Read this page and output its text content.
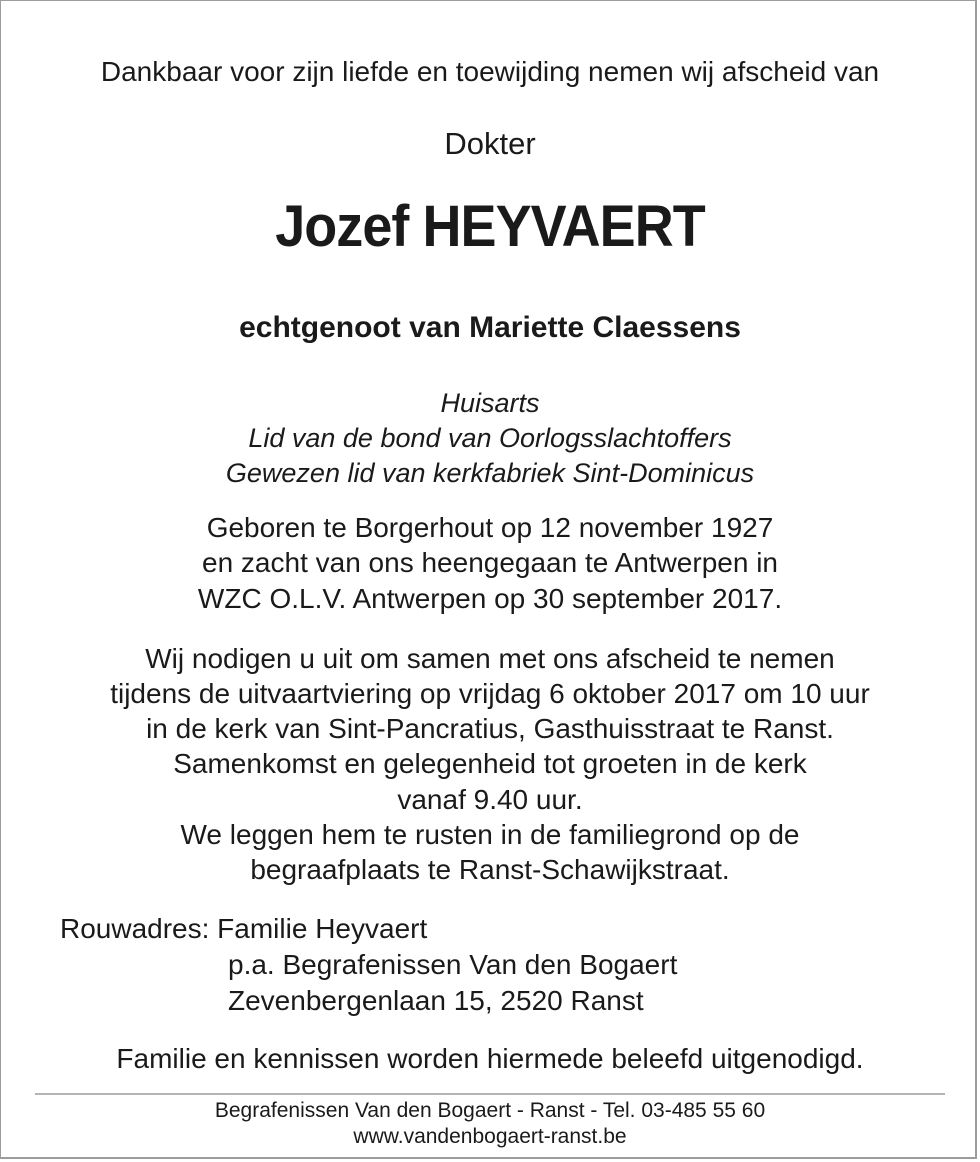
Dankbaar voor zijn liefde en toewijding nemen wij afscheid van
Dokter
Jozef HEYVAERT
echtgenoot van Mariette Claessens
Huisarts
Lid van de bond van Oorlogsslachtoffers
Gewezen lid van kerkfabriek Sint-Dominicus
Geboren te Borgerhout op 12 november 1927
en zacht van ons heengegaan te Antwerpen in
WZC O.L.V. Antwerpen op 30 september 2017.
Wij nodigen u uit om samen met ons afscheid te nemen
tijdens de uitvaartviering op vrijdag 6 oktober 2017 om 10 uur
in de kerk van Sint-Pancratius, Gasthuisstraat te Ranst.
Samenkomst en gelegenheid tot groeten in de kerk
vanaf 9.40 uur.
We leggen hem te rusten in de familiegrond op de
begraafplaats te Ranst-Schawijkstraat.
Rouwadres: Familie Heyvaert
p.a. Begrafenissen Van den Bogaert
Zevenbergenlaan 15, 2520 Ranst
Familie en kennissen worden hiermede beleefd uitgenodigd.
Begrafenissen Van den Bogaert - Ranst - Tel. 03-485 55 60
www.vandenbogaert-ranst.be
